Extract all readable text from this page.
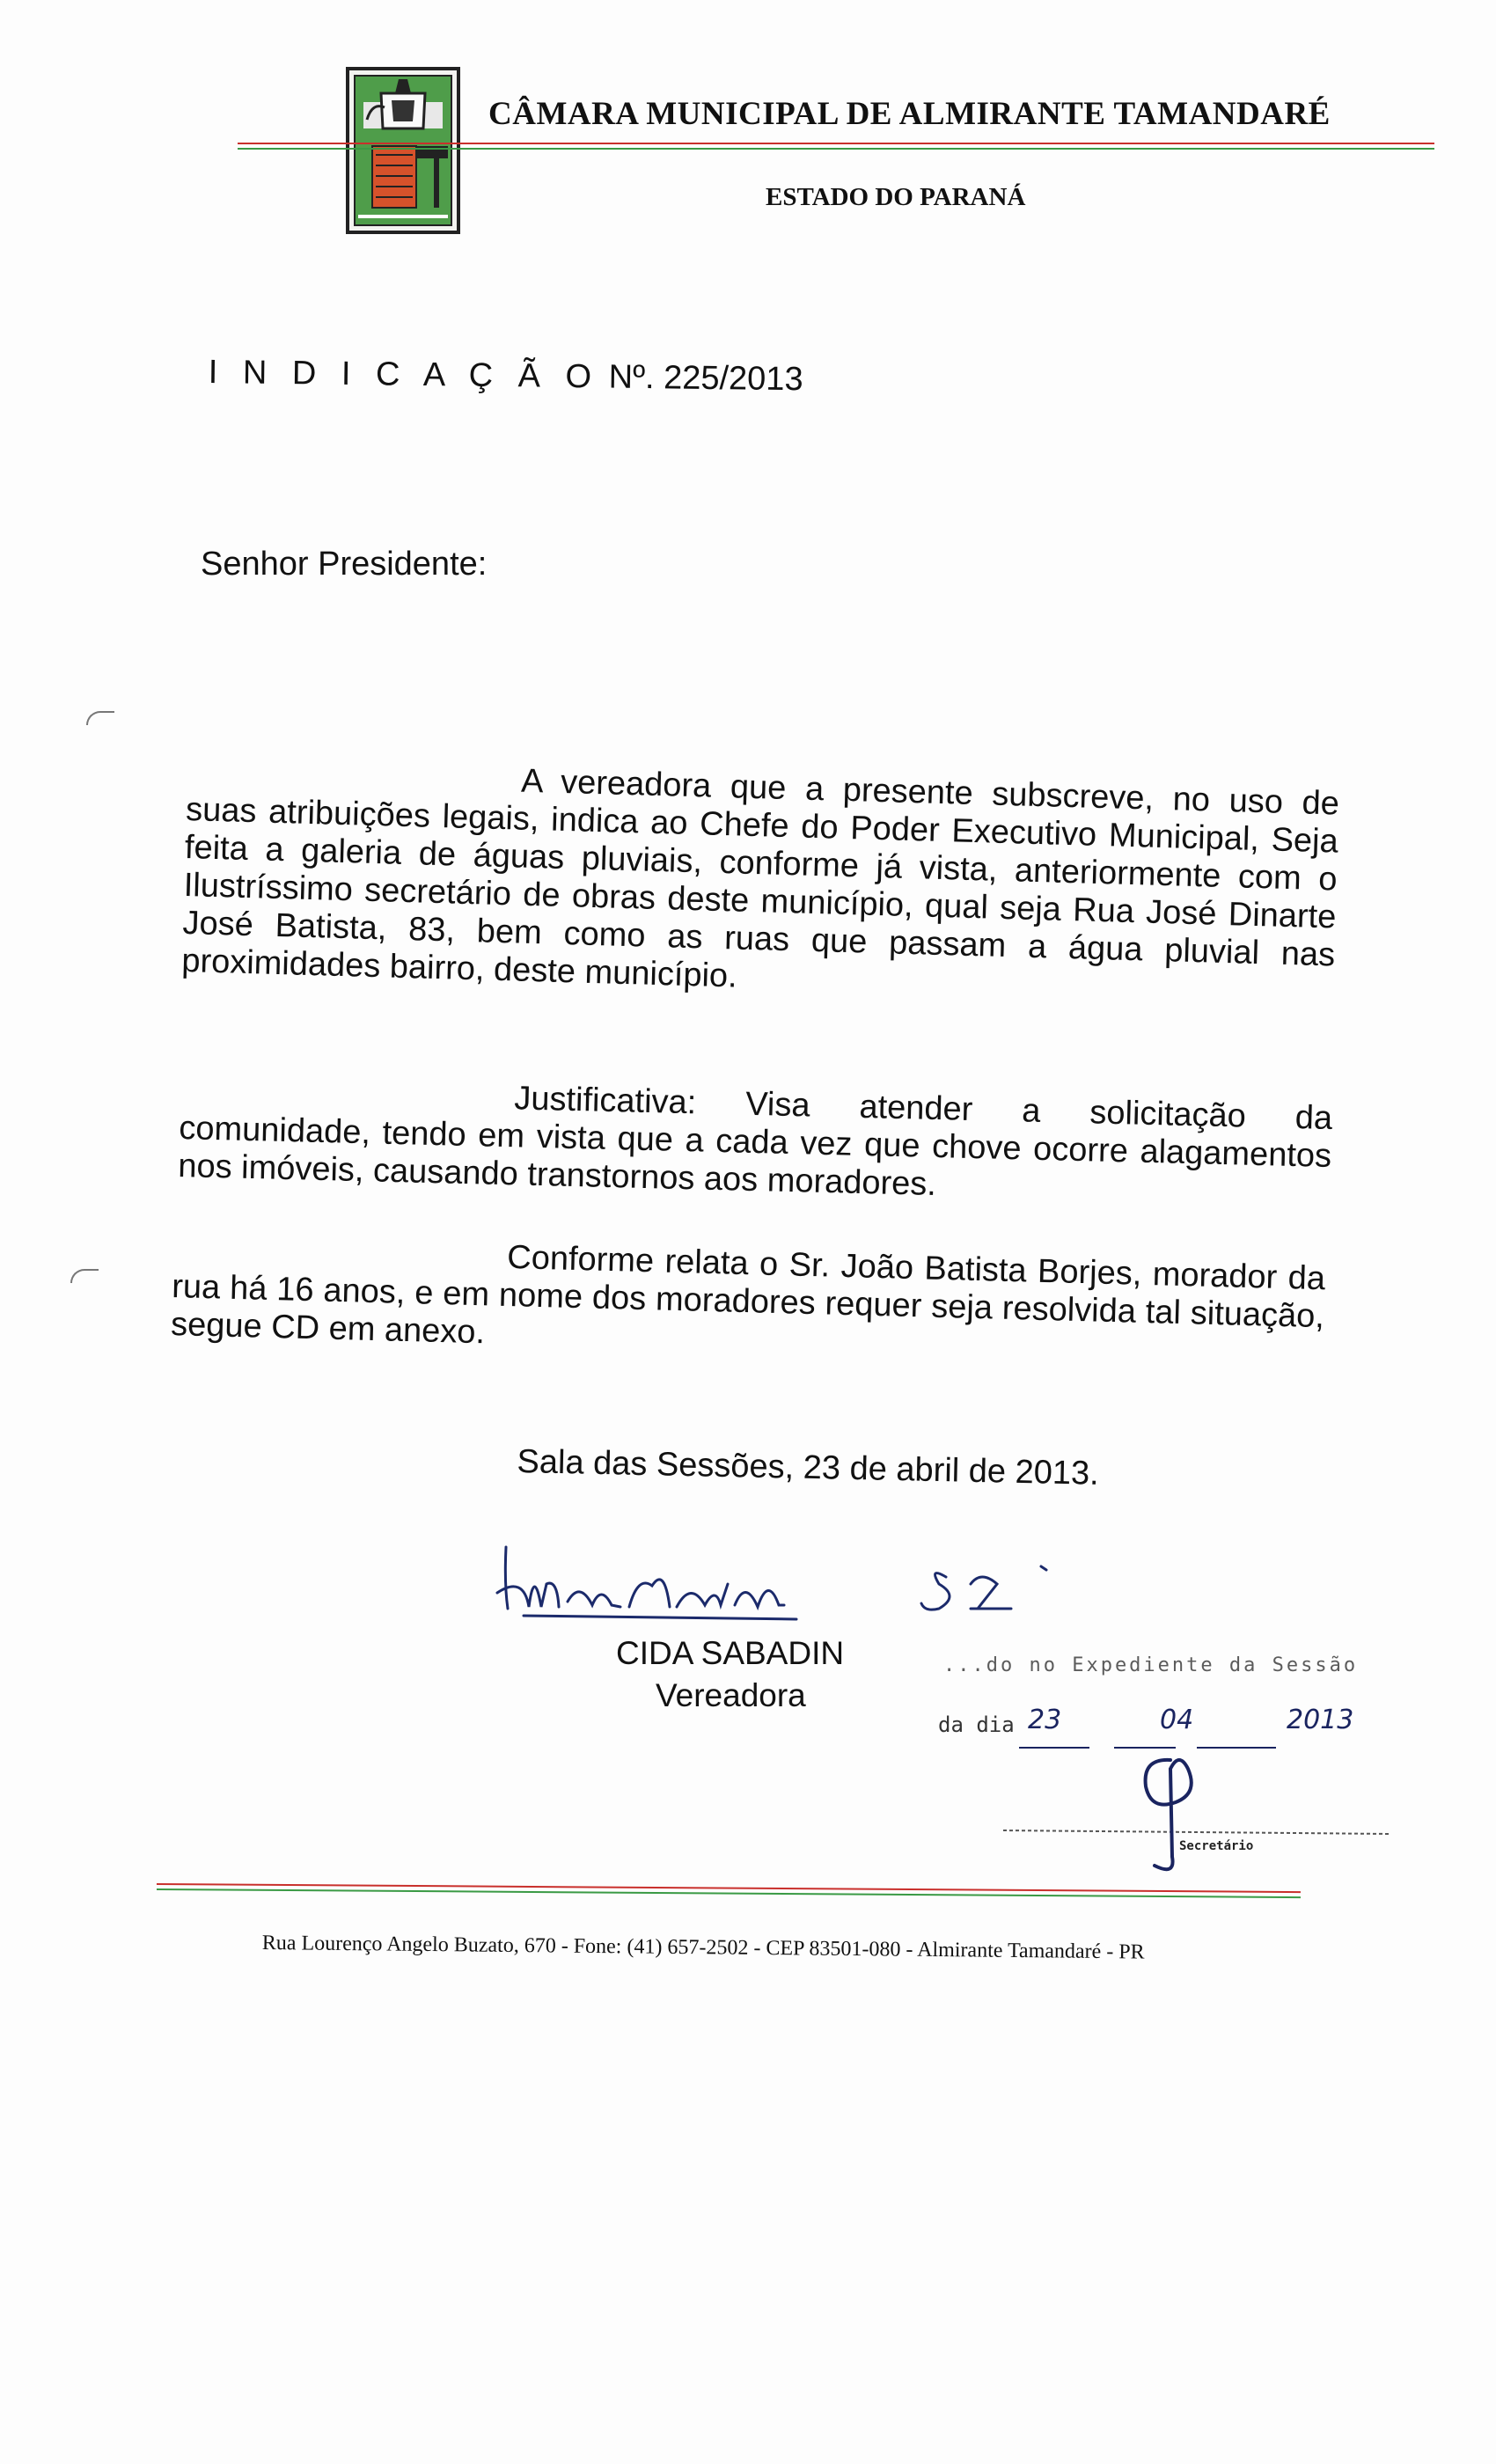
CÂMARA MUNICIPAL DE ALMIRANTE TAMANDARÉ
ESTADO DO PARANÁ
I N D I C A Ç Ã O Nº. 225/2013
Senhor Presidente:
A vereadora que a presente subscreve, no uso de suas atribuições legais, indica ao Chefe do Poder Executivo Municipal, Seja feita a galeria de águas pluviais, conforme já vista, anteriormente com o Ilustríssimo secretário de obras deste município, qual seja Rua José Dinarte José Batista, 83, bem como as ruas que passam a água pluvial nas proximidades bairro, deste município.
Justificativa: Visa atender a solicitação da comunidade, tendo em vista que a cada vez que chove ocorre alagamentos nos imóveis, causando transtornos aos moradores.
Conforme relata o Sr. João Batista Borjes, morador da rua há 16 anos, e em nome dos moradores requer seja resolvida tal situação, segue CD em anexo.
Sala das Sessões, 23 de abril de 2013.
CIDA SABADIN
Vereadora
...do no Expediente da Sessão
da dia 23	04	2013
Secretário
Rua Lourenço Angelo Buzato, 670 - Fone: (41) 657-2502 - CEP 83501-080 - Almirante Tamandaré - PR
